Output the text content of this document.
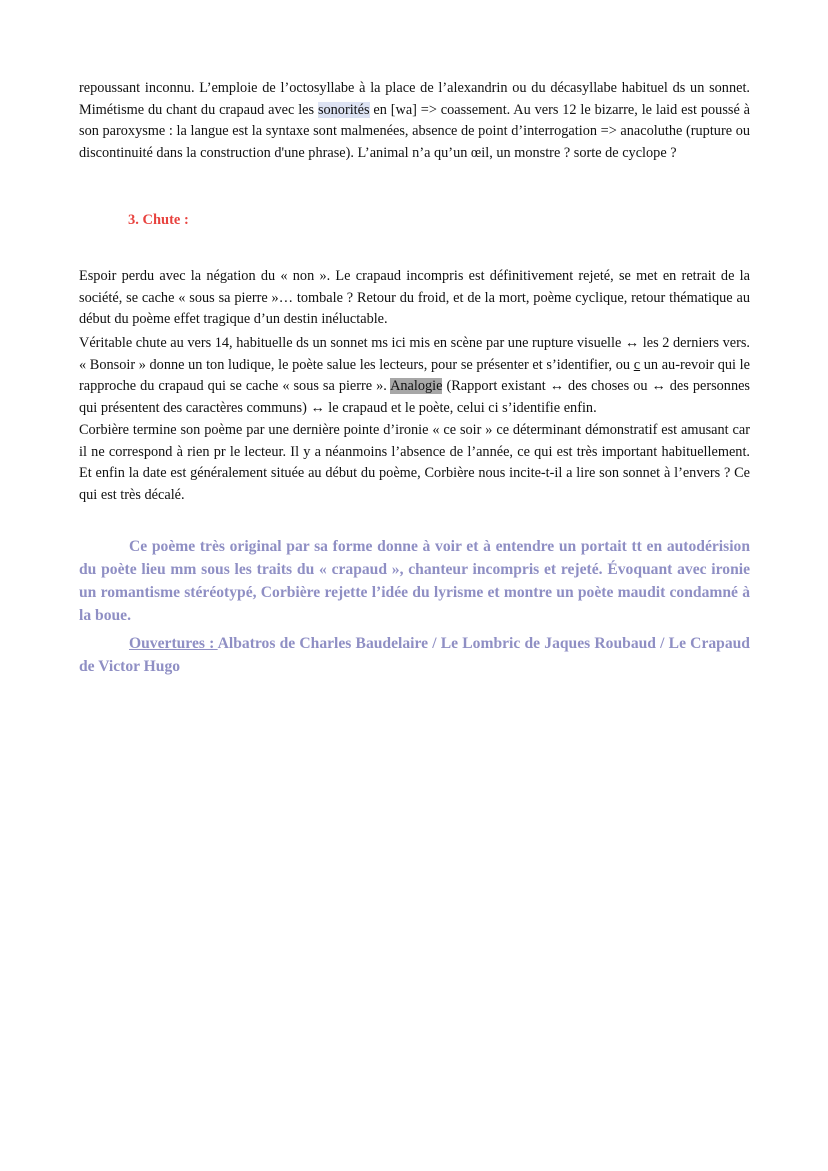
repoussant inconnu. L’emploie de l’octosyllabe à la place de l’alexandrin ou du décasyllabe habituel ds un sonnet. Mimétisme du chant du crapaud avec les sonorités en [wa] => coassement. Au vers 12 le bizarre, le laid est poussé à son paroxysme : la langue est la syntaxe sont malmenées, absence de point d’interrogation => anacoluthe (rupture ou discontinuité dans la construction d'une phrase). L’animal n’a qu’un œil, un monstre ? sorte de cyclope ?

3. Chute :

Espoir perdu avec la négation du « non ». Le crapaud incompris est définitivement rejeté, se met en retrait de la société, se cache « sous sa pierre »… tombale ? Retour du froid, et de la mort, poème cyclique, retour thématique au début du poème effet tragique d’un destin inéluctable.

Véritable chute au vers 14, habituelle ds un sonnet ms ici mis en scène par une rupture visuelle ↔ les 2 derniers vers. « Bonsoir » donne un ton ludique, le poète salue les lecteurs, pour se présenter et s’identifier, ou c un au-revoir qui le rapproche du crapaud qui se cache « sous sa pierre ». Analogie (Rapport existant ↔ des choses ou ↔ des personnes qui présentent des caractères communs) ↔ le crapaud et le poète, celui ci s’identifie enfin.

Corbière termine son poème par une dernière pointe d’ironie « ce soir » ce déterminant démonstratif est amusant car il ne correspond à rien pr le lecteur. Il y a néanmoins l’absence de l’année, ce qui est très important habituellement. Et enfin la date est généralement située au début du poème, Corbière nous incite-t-il a lire son sonnet à l’envers ? Ce qui est très décalé.

Ce poème très original par sa forme donne à voir et à entendre un portait tt en autodérision du poète lieu mm sous les traits du « crapaud », chanteur incompris et rejeté. Évoquant avec ironie un romantisme stéréotypé, Corbière rejette l’idée du lyrisme et montre un poète maudit condamné à la boue.

Ouvertures : Albatros de Charles Baudelaire / Le Lombric de Jaques Roubaud / Le Crapaud de Victor Hugo
